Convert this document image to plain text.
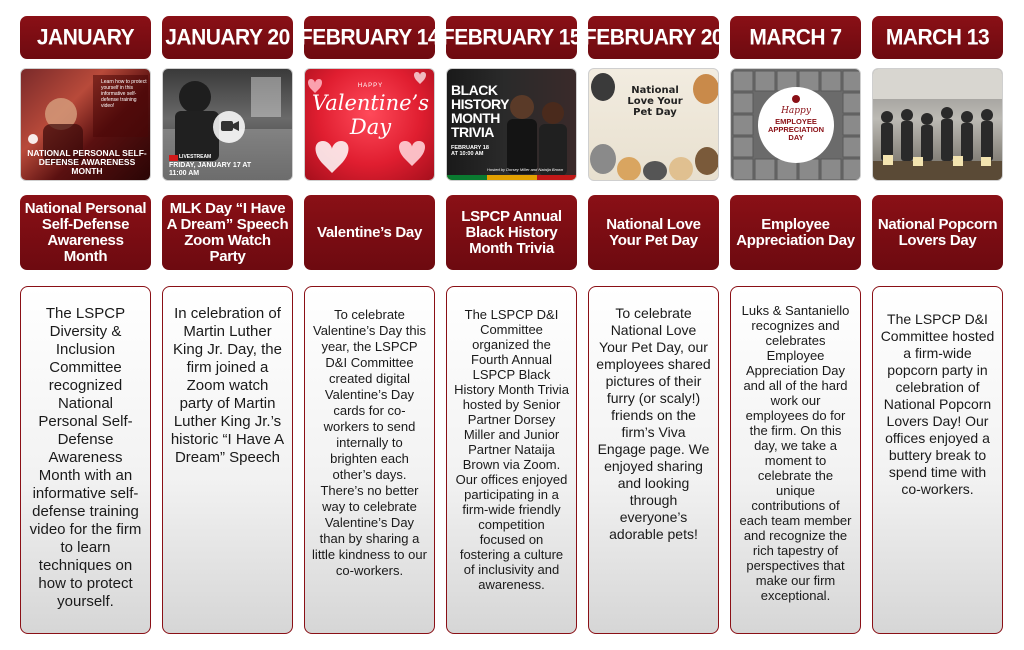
JANUARY
Learn how to protect yourself in this informative self-defense training video!
NATIONAL PERSONAL SELF-DEFENSE AWARENESS MONTH
National Personal Self-Defense Awareness Month
The LSPCP Diversity & Inclusion Committee recognized National Personal Self-Defense Awareness Month with an informative self-defense training video for the firm to learn techniques on how to protect yourself.
JANUARY 20
LIVESTREAM
FRIDAY, JANUARY 17 AT 11:00 AM
MLK Day “I Have A Dream” Speech Zoom Watch Party
In celebration of Martin Luther King Jr. Day, the firm joined a Zoom watch party of Martin Luther King Jr.’s historic “I Have A Dream” Speech
FEBRUARY 14
HAPPY
Valentine’s
Day
Valentine’s Day
To celebrate Valentine’s Day this year, the LSPCP D&I Committee created digital Valentine’s Day cards for co-workers to send internally to brighten each other’s days. There’s no better way to celebrate Valentine’s Day than by sharing a little kindness to our co-workers.
FEBRUARY 15
BLACK HISTORY MONTH TRIVIA
FEBRUARY 18 AT 10:00 AM
Hosted by Dorsey Miller and Nataija Brown
LSPCP Annual Black History Month Trivia
The LSPCP D&I Committee organized the Fourth Annual LSPCP Black History Month Trivia hosted by Senior Partner Dorsey Miller and Junior Partner Nataija Brown via Zoom. Our offices enjoyed participating in a firm-wide friendly competition focused on fostering a culture of inclusivity and awareness.
FEBRUARY 20
National Love Your Pet Day
National Love Your Pet Day
To celebrate National Love Your Pet Day, our employees shared pictures of their furry (or scaly!) friends on the firm’s Viva Engage page. We enjoyed sharing and looking through everyone’s adorable pets!
MARCH 7
Happy
EMPLOYEE APPRECIATION DAY
Employee Appreciation Day
Luks & Santaniello recognizes and celebrates Employee Appreciation Day and all of the hard work our employees do for the firm. On this day, we take a moment to celebrate the unique contributions of each team member and recognize the rich tapestry of perspectives that make our firm exceptional.
MARCH 13
National Popcorn Lovers Day
The LSPCP D&I Committee hosted a firm-wide popcorn party in celebration of National Popcorn Lovers Day! Our offices enjoyed a buttery break to spend time with co-workers.
